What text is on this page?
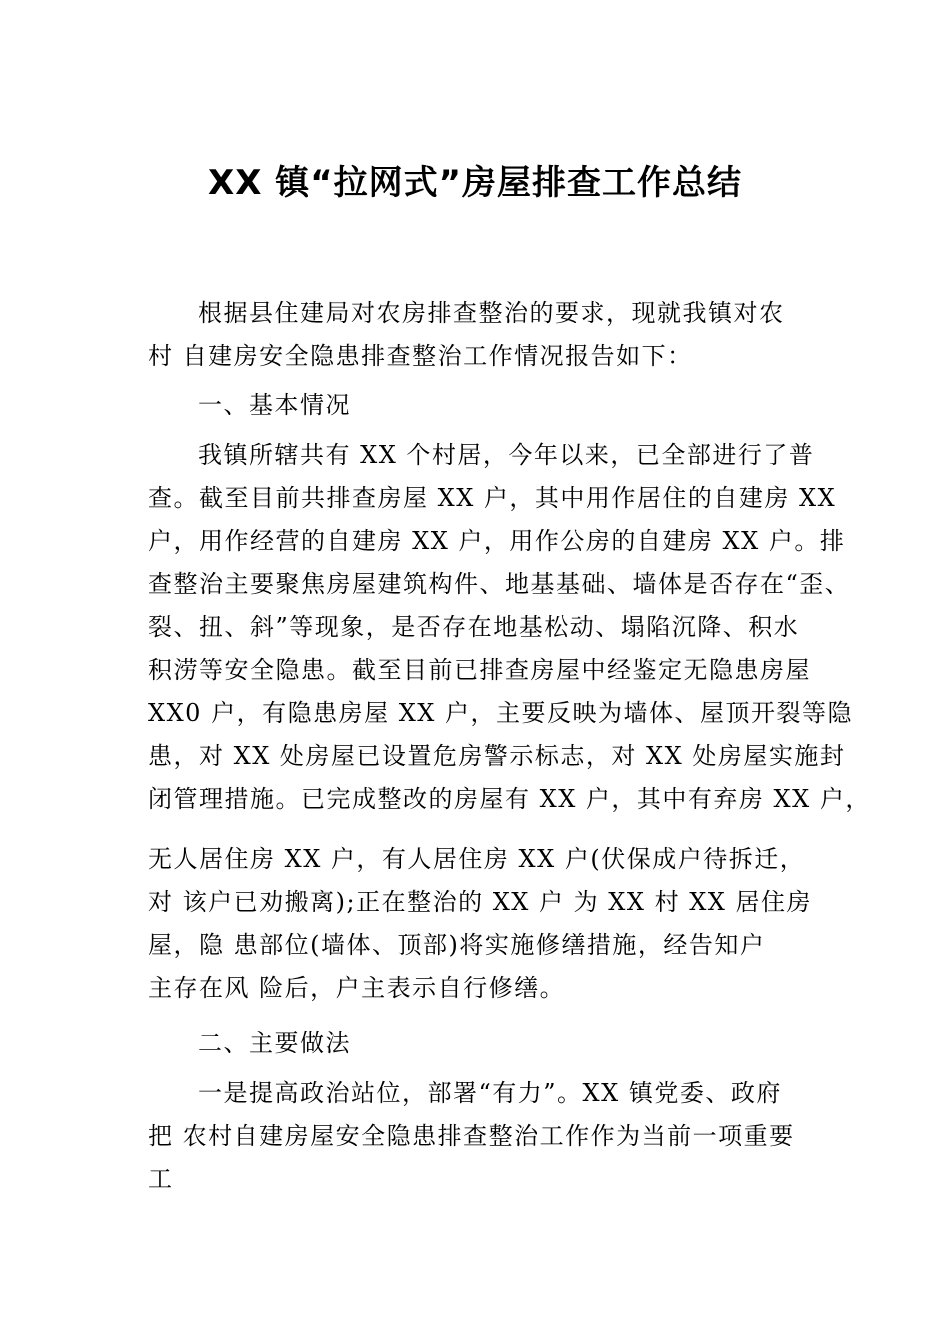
XX 镇“拉网式”房屋排查工作总结
根据县住建局对农房排查整治的要求，现就我镇对农
村 自建房安全隐患排查整治工作情况报告如下：
一、基本情况
我镇所辖共有 XX 个村居，今年以来，已全部进行了普
查。截至目前共排查房屋 XX 户，其中用作居住的自建房 XX
户，用作经营的自建房 XX 户，用作公房的自建房 XX 户。排
查整治主要聚焦房屋建筑构件、地基基础、墙体是否存在“歪、
裂、扭、斜”等现象，是否存在地基松动、塌陷沉降、积水
积涝等安全隐患。截至目前已排查房屋中经鉴定无隐患房屋
XX0 户，有隐患房屋 XX 户，主要反映为墙体、屋顶开裂等隐
患，对 XX 处房屋已设置危房警示标志，对 XX 处房屋实施封
闭管理措施。已完成整改的房屋有 XX 户，其中有弃房 XX 户，
无人居住房 XX 户，有人居住房 XX 户(伏保成户待拆迁，
对 该户已劝搬离);正在整治的 XX 户 为 XX 村 XX 居住房
屋，隐 患部位(墙体、顶部)将实施修缮措施，经告知户
主存在风 险后，户主表示自行修缮。
二、主要做法
一是提高政治站位，部署“有力”。XX 镇党委、政府
把 农村自建房屋安全隐患排查整治工作作为当前一项重要
工
